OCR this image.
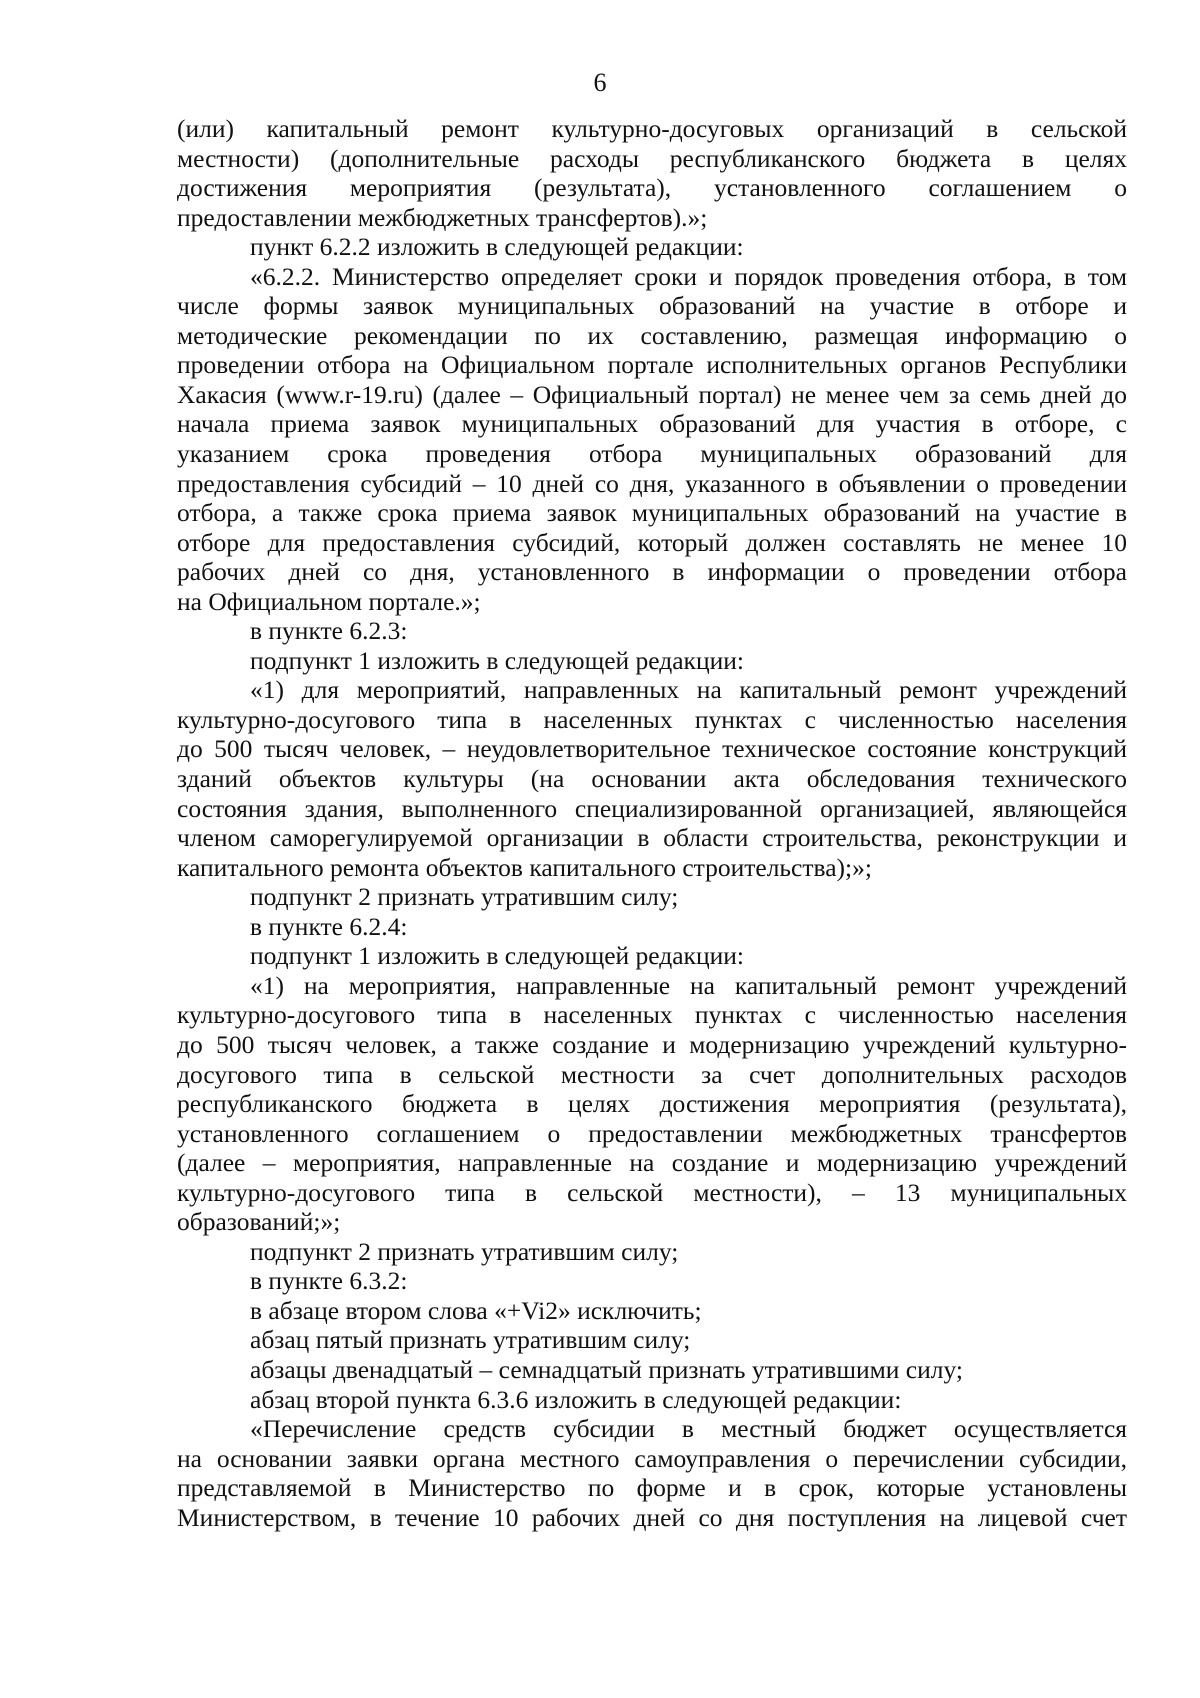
6
(или) капитальный ремонт культурно-досуговых организаций в сельской
местности) (дополнительные расходы республиканского бюджета в целях
достижения мероприятия (результата), установленного соглашением о
предоставлении межбюджетных трансфертов).»;
пункт 6.2.2 изложить в следующей редакции:
«6.2.2. Министерство определяет сроки и порядок проведения отбора, в том
числе формы заявок муниципальных образований на участие в отборе и
методические рекомендации по их составлению, размещая информацию о
проведении отбора на Официальном портале исполнительных органов Республики
Хакасия (www.r-19.ru) (далее – Официальный портал) не менее чем за семь дней до
начала приема заявок муниципальных образований для участия в отборе, с
указанием срока проведения отбора муниципальных образований для
предоставления субсидий – 10 дней со дня, указанного в объявлении о проведении
отбора, а также срока приема заявок муниципальных образований на участие в
отборе для предоставления субсидий, который должен составлять не менее 10
рабочих дней со дня, установленного в информации о проведении отбора
на Официальном портале.»;
в пункте 6.2.3:
подпункт 1 изложить в следующей редакции:
«1) для мероприятий, направленных на капитальный ремонт учреждений
культурно-досугового типа в населенных пунктах с численностью населения
до 500 тысяч человек, – неудовлетворительное техническое состояние конструкций
зданий объектов культуры (на основании акта обследования технического
состояния здания, выполненного специализированной организацией, являющейся
членом саморегулируемой организации в области строительства, реконструкции и
капитального ремонта объектов капитального строительства);»;
подпункт 2 признать утратившим силу;
в пункте 6.2.4:
подпункт 1 изложить в следующей редакции:
«1) на мероприятия, направленные на капитальный ремонт учреждений
культурно-досугового типа в населенных пунктах с численностью населения
до 500 тысяч человек, а также создание и модернизацию учреждений культурно-
досугового типа в сельской местности за счет дополнительных расходов
республиканского бюджета в целях достижения мероприятия (результата),
установленного соглашением о предоставлении межбюджетных трансфертов
(далее – мероприятия, направленные на создание и модернизацию учреждений
культурно-досугового типа в сельской местности), – 13 муниципальных
образований;»;
подпункт 2 признать утратившим силу;
в пункте 6.3.2:
в абзаце втором слова «+Vi2» исключить;
абзац пятый признать утратившим силу;
абзацы двенадцатый – семнадцатый признать утратившими силу;
абзац второй пункта 6.3.6 изложить в следующей редакции:
«Перечисление средств субсидии в местный бюджет осуществляется
на основании заявки органа местного самоуправления о перечислении субсидии,
представляемой в Министерство по форме и в срок, которые установлены
Министерством, в течение 10 рабочих дней со дня поступления на лицевой счет
